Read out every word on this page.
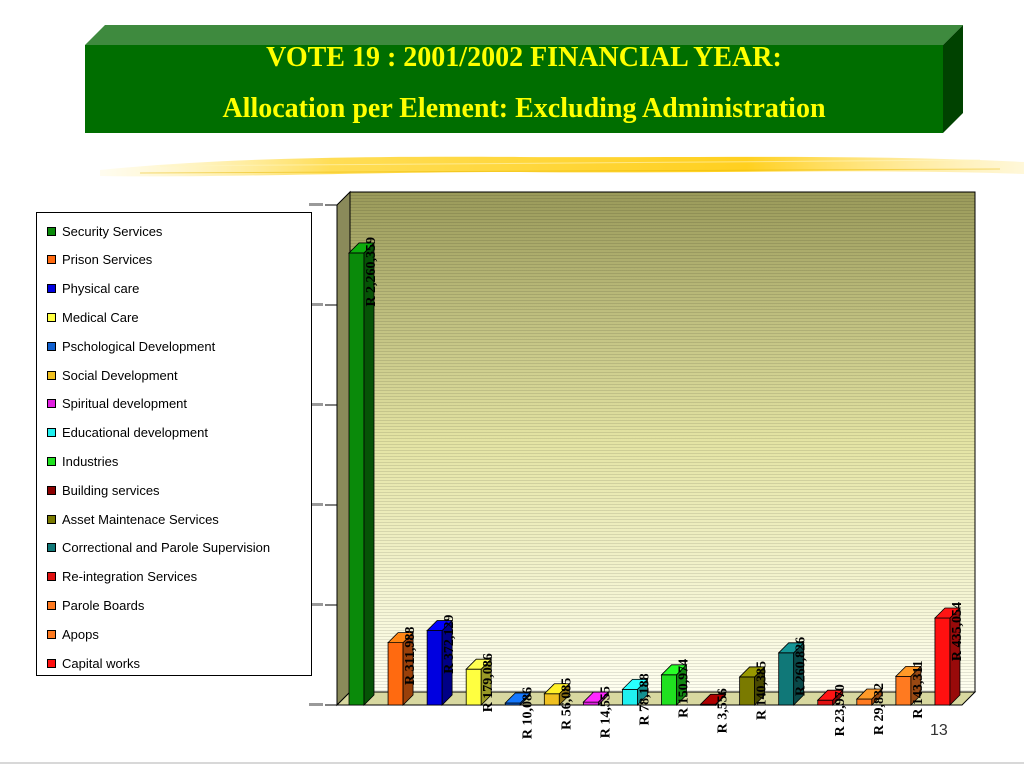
VOTE 19 : 2001/2002 FINANCIAL YEAR:
Allocation per Element: Excluding Administration
R 2,260,359
R 311,988 R 372,129
R 179,086
R 10,086 R 56,085 R 14,555 R 78,188 R 150,974 R 3,556 R 140,385 R 260,826
R 23,970 R 29,832 R 143,311
R 435,054
Security Services
Prison Services
Physical care
Medical Care
Pschological Development
Social Development
Spiritual development
Educational development
Industries
Building services
Asset Maintenace Services
Correctional and Parole Supervision
Re-integration Services
Parole Boards
Apops
Capital works
13
